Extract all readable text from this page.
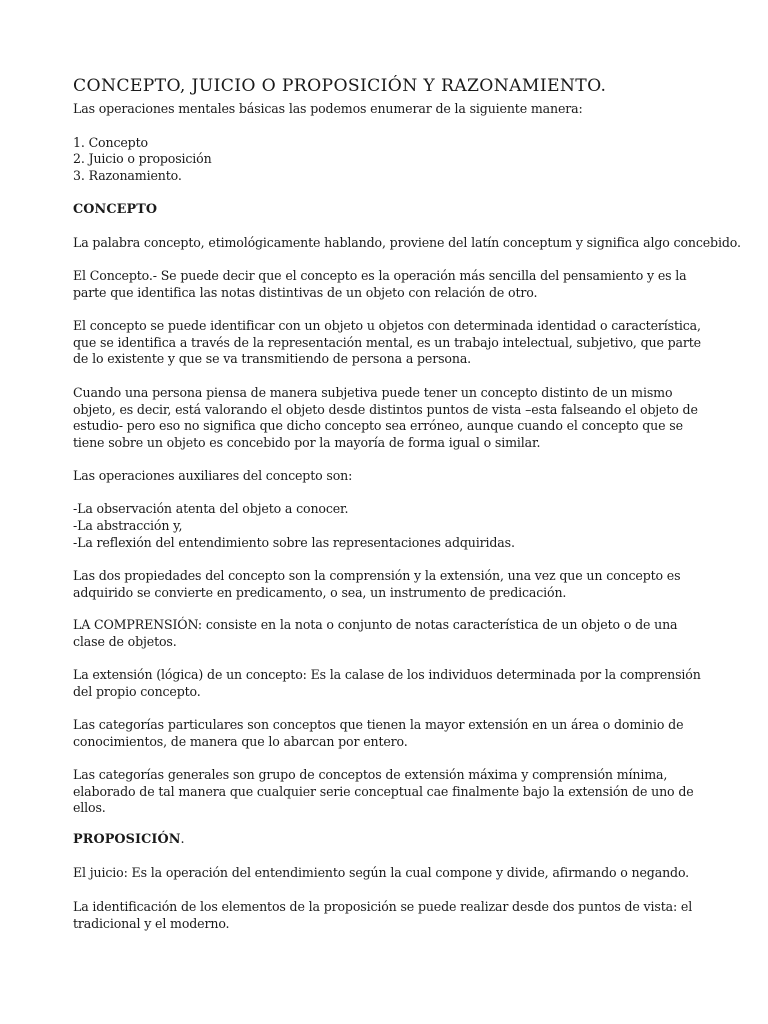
CONCEPTO, JUICIO O PROPOSICIÓN Y RAZONAMIENTO.

Las operaciones mentales básicas las podemos enumerar de la siguiente manera:

1. Concepto

2. Juicio o proposición

3. Razonamiento.

CONCEPTO

La palabra concepto, etimológicamente hablando, proviene del latín conceptum y significa algo concebido.

El Concepto.- Se puede decir que el concepto es la operación más sencilla del pensamiento y es la parte que identifica las notas distintivas de un objeto con relación de otro.

El concepto se puede identificar con un objeto u objetos con determinada identidad o característica, que se identifica a través de la representación mental, es un trabajo intelectual, subjetivo, que parte de lo existente y que se va transmitiendo de persona a persona.

Cuando una persona piensa de manera subjetiva puede tener un concepto distinto de un mismo objeto, es decir, está valorando el objeto desde distintos puntos de vista –esta falseando el objeto de estudio- pero eso no significa que dicho concepto sea erróneo, aunque cuando el concepto que se tiene sobre un objeto es concebido por la mayoría de forma igual o similar.

Las operaciones auxiliares del concepto son:

-La observación atenta del objeto a conocer.

-La abstracción y,

-La reflexión del entendimiento sobre las representaciones adquiridas.

Las dos propiedades del concepto son la comprensión y la extensión, una vez que un concepto es adquirido se convierte en predicamento, o sea, un instrumento de predicación.

LA COMPRENSIÓN: consiste en la nota o conjunto de notas característica de un objeto o de una clase de objetos.

La extensión (lógica) de un concepto: Es la calase de los individuos determinada por la comprensión del propio concepto.

Las categorías particulares son conceptos que tienen la mayor extensión en un área o dominio de conocimientos, de manera que lo abarcan por entero.

Las categorías generales son grupo de conceptos de extensión máxima y comprensión mínima, elaborado de tal manera que cualquier serie conceptual cae finalmente bajo la extensión de uno de ellos.

PROPOSICIÓN.

El juicio: Es la operación del entendimiento según la cual compone y divide, afirmando o negando.

La identificación de los elementos de la proposición se puede realizar desde dos puntos de vista: el tradicional y el moderno.
